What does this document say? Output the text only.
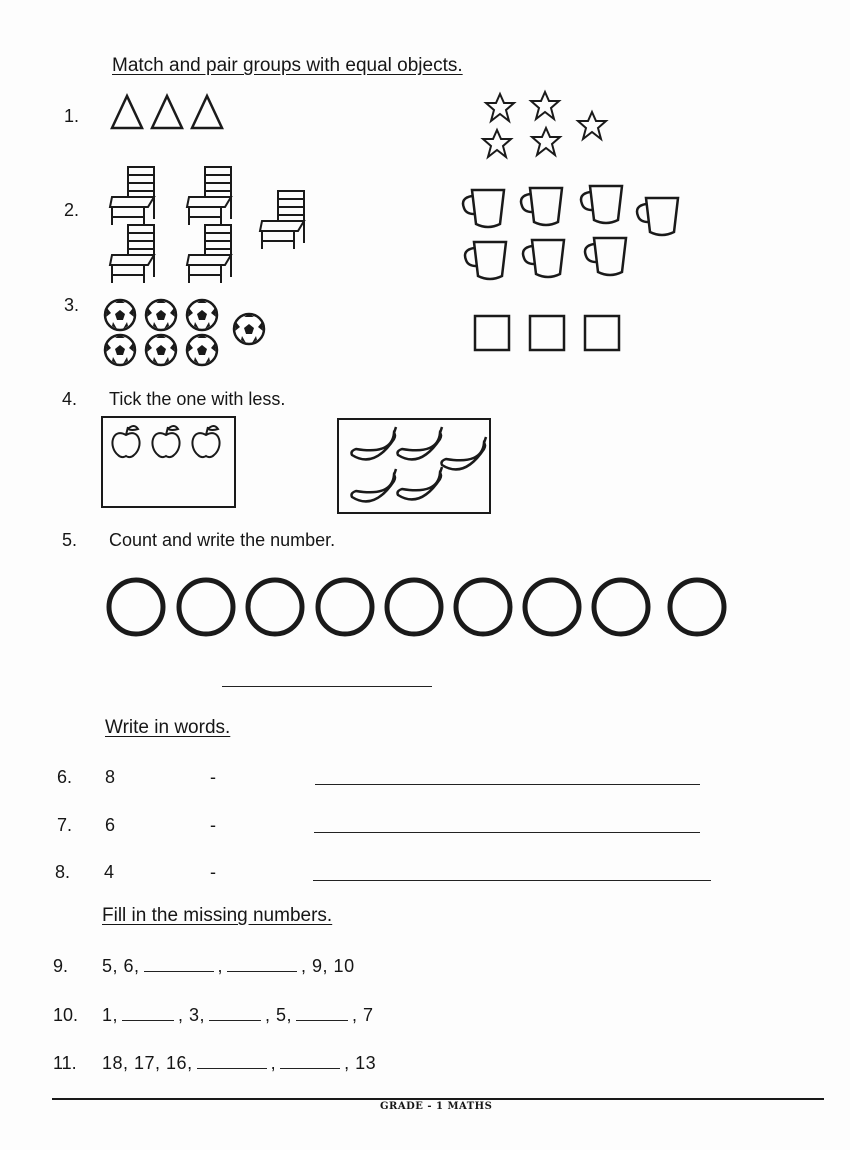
Match and pair groups with equal objects.
1.
2.
3.
4. Tick the one with less.
5. Count and write the number.
Write in words.
6. 8	-
7. 6	-
8. 4	-
Fill in the missing numbers.
9. 5, 6,	,	, 9, 10
10. 1,	, 3,	, 5,	, 7
11. 18, 17, 16,	,	, 13
GRADE - 1 MATHS
